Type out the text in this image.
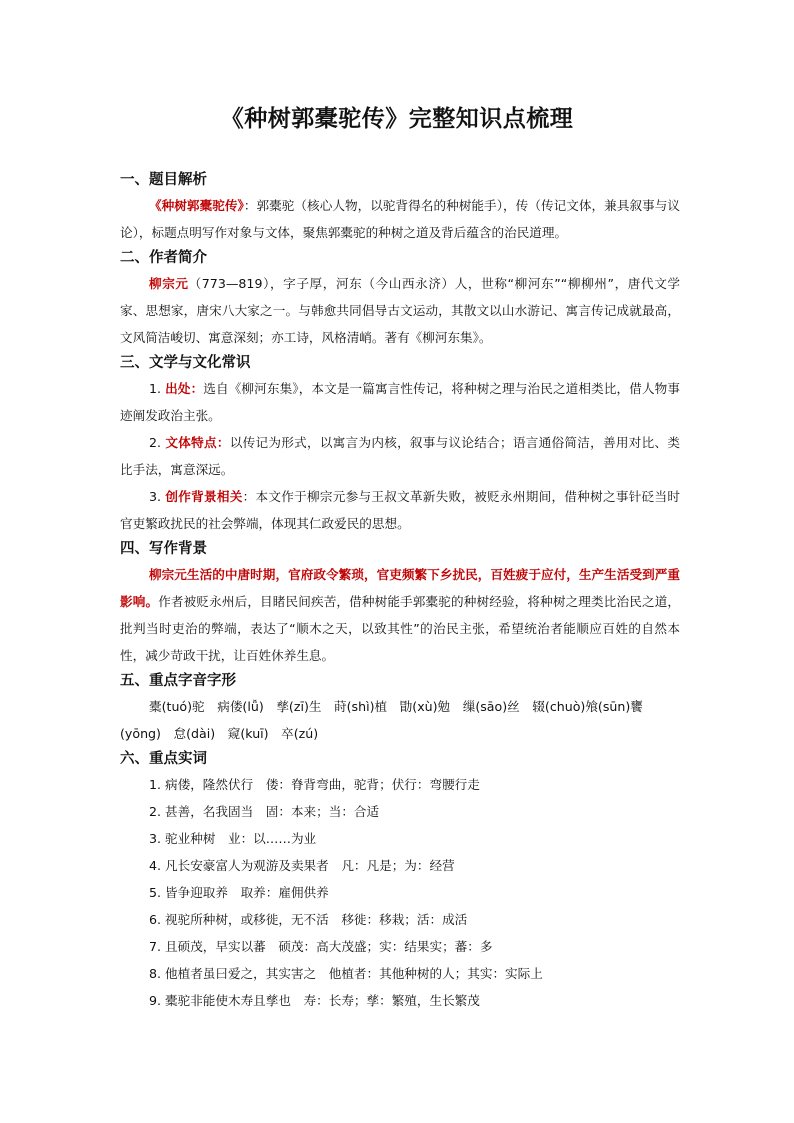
《种树郭橐驼传》完整知识点梳理
一、题目解析

《种树郭橐驼传》：郭橐驼（核心人物，以驼背得名的种树能手），传（传记文体，兼具叙事与议论），标题点明写作对象与文体，聚焦郭橐驼的种树之道及背后蕴含的治民道理。

二、作者简介

柳宗元（773—819），字子厚，河东（今山西永济）人，世称“柳河东”“柳柳州”，唐代文学家、思想家，唐宋八大家之一。与韩愈共同倡导古文运动，其散文以山水游记、寓言传记成就最高，文风简洁峻切、寓意深刻；亦工诗，风格清峭。著有《柳河东集》。

三、文学与文化常识

1. 出处：选自《柳河东集》，本文是一篇寓言性传记，将种树之理与治民之道相类比，借人物事迹阐发政治主张。

2. 文体特点：以传记为形式，以寓言为内核，叙事与议论结合；语言通俗简洁，善用对比、类比手法，寓意深远。

3. 创作背景相关：本文作于柳宗元参与王叔文革新失败，被贬永州期间，借种树之事针砭当时官吏繁政扰民的社会弊端，体现其仁政爱民的思想。

四、写作背景

柳宗元生活的中唐时期，官府政令繁琐，官吏频繁下乡扰民，百姓疲于应付，生产生活受到严重影响。作者被贬永州后，目睹民间疾苦，借种树能手郭橐驼的种树经验，将种树之理类比治民之道，批判当时吏治的弊端，表达了“顺木之天，以致其性”的治民主张，希望统治者能顺应百姓的自然本性，减少苛政干扰，让百姓休养生息。

五、重点字音字形

橐(tuó)驼　病偻(lǚ)　孳(zī)生　莳(shì)植　勖(xù)勉　缫(sāo)丝　辍(chuò)飧(sūn)饔(yōng)　怠(dài)　窥(kuī)　卒(zú)

六、重点实词

1. 病偻，隆然伏行　偻：脊背弯曲，驼背；伏行：弯腰行走

2. 甚善，名我固当　固：本来；当：合适

3. 驼业种树　业：以……为业

4. 凡长安豪富人为观游及卖果者　凡：凡是；为：经营

5. 皆争迎取养　取养：雇佣供养

6. 视驼所种树，或移徙，无不活　移徙：移栽；活：成活

7. 且硕茂，早实以蕃　硕茂：高大茂盛；实：结果实；蕃：多

8. 他植者虽曰爱之，其实害之　他植者：其他种树的人；其实：实际上

9. 橐驼非能使木寿且孳也　寿：长寿；孳：繁殖，生长繁茂
